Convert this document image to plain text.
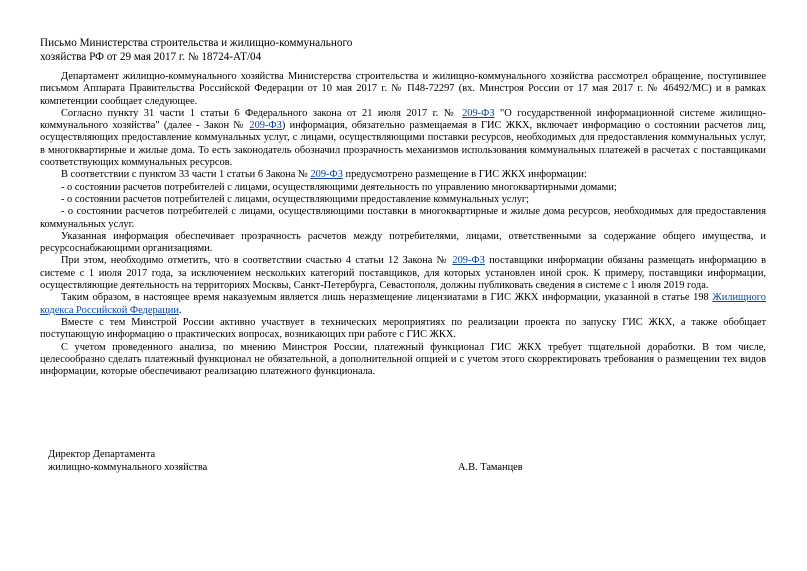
Письмо Министерства строительства и жилищно-коммунального
хозяйства РФ от 29 мая 2017 г. № 18724-АТ/04

Департамент жилищно-коммунального хозяйства Министерства строительства и жилищно-коммунального хозяйства рассмотрел обращение, поступившее письмом Аппарата Правительства Российской Федерации от 10 мая 2017 г. № П48-72297 (вх. Минстроя России от 17 мая 2017 г. № 46492/МС) и в рамках компетенции сообщает следующее.

Согласно пункту 31 части 1 статьи 6 Федерального закона от 21 июля 2017 г. № 209-ФЗ "О государственной информационной системе жилищно-коммунального хозяйства" (далее - Закон № 209-ФЗ) информация, обязательно размещаемая в ГИС ЖКХ, включает информацию о состоянии расчетов лиц, осуществляющих предоставление коммунальных услуг, с лицами, осуществляющими поставки ресурсов, необходимых для предоставления коммунальных услуг, в многоквартирные и жилые дома. То есть законодатель обозначил прозрачность механизмов использования коммунальных платежей в расчетах с поставщиками соответствующих коммунальных ресурсов.

В соответствии с пунктом 33 части 1 статьи 6 Закона № 209-ФЗ предусмотрено размещение в ГИС ЖКХ информации:

- о состоянии расчетов потребителей с лицами, осуществляющими деятельность по управлению многоквартирными домами;

- о состоянии расчетов потребителей с лицами, осуществляющими предоставление коммунальных услуг;

- о состоянии расчетов потребителей с лицами, осуществляющими поставки в многоквартирные и жилые дома ресурсов, необходимых для предоставления коммунальных услуг.

Указанная информация обеспечивает прозрачность расчетов между потребителями, лицами, ответственными за содержание общего имущества, и ресурсоснабжающими организациями.

При этом, необходимо отметить, что в соответствии счастью 4 статьи 12 Закона № 209-ФЗ поставщики информации обязаны размещать информацию в системе с 1 июля 2017 года, за исключением нескольких категорий поставщиков, для которых установлен иной срок. К примеру, поставщики информации, осуществляющие деятельность на территориях Москвы, Санкт-Петербурга, Севастополя, должны публиковать сведения в системе с 1 июля 2019 года.

Таким образом, в настоящее время наказуемым является лишь неразмещение лицензиатами в ГИС ЖКХ информации, указанной в статье 198 Жилищного кодекса Российской Федерации.

Вместе с тем Минстрой России активно участвует в технических мероприятиях по реализации проекта по запуску ГИС ЖКХ, а также обобщает поступающую информацию о практических вопросах, возникающих при работе с ГИС ЖКХ.

С учетом проведенного анализа, по мнению Минстроя России, платежный функционал ГИС ЖКХ требует тщательной доработки. В том числе, целесообразно сделать платежный функционал не обязательной, а дополнительной опцией и с учетом этого скорректировать требования о размещении тех видов информации, которые обеспечивают реализацию платежного функционала.

Директор Департамента
жилищно-коммунального хозяйства	А.В. Таманцев
